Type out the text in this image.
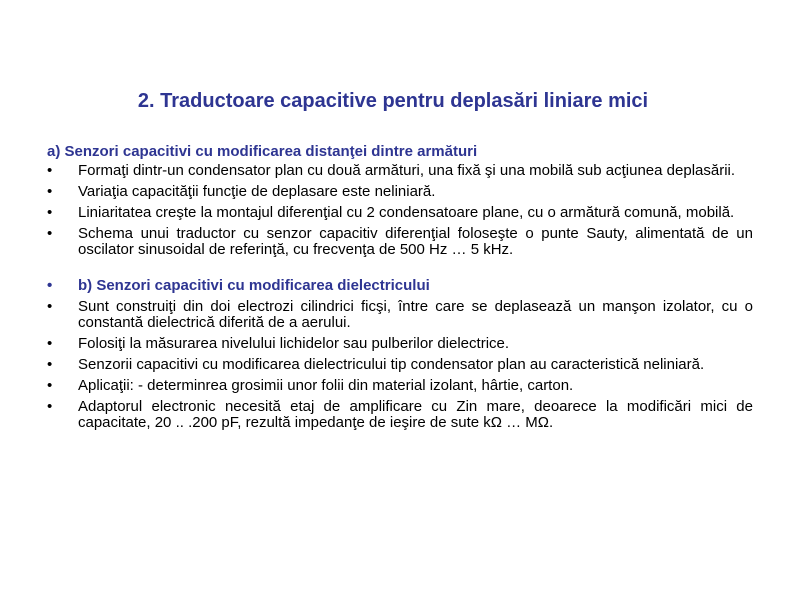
2. Traductoare capacitive pentru deplasări liniare mici
a) Senzori capacitivi cu modificarea distanţei dintre armături
• Formaţi dintr-un condensator plan cu două armături, una fixă şi una mobilă sub acţiunea deplasării.
• Variaţia capacităţii funcţie de deplasare este neliniară.
• Liniaritatea creşte la montajul diferenţial cu 2 condensatoare plane, cu o armătură comună, mobilă.
• Schema unui traductor cu senzor capacitiv diferenţial foloseşte o punte Sauty, alimentată de un oscilator sinusoidal de referinţă, cu frecvenţa de 500 Hz … 5 kHz.
• b) Senzori capacitivi cu modificarea dielectricului
• Sunt construiţi din doi electrozi cilindrici ficşi, între care se deplasează un manşon izolator, cu o constantă dielectrică diferită de a aerului.
• Folosiţi la măsurarea nivelului lichidelor sau pulberilor dielectrice.
• Senzorii capacitivi cu modificarea dielectricului tip condensator plan au caracteristică neliniară.
• Aplicaţii: - determinrea grosimii unor folii din material izolant, hârtie, carton.
• Adaptorul electronic necesită etaj de amplificare cu Zin mare, deoarece la modificări mici de capacitate, 20 .. .200 pF, rezultă impedanţe de ieşire de sute kΩ … MΩ.
